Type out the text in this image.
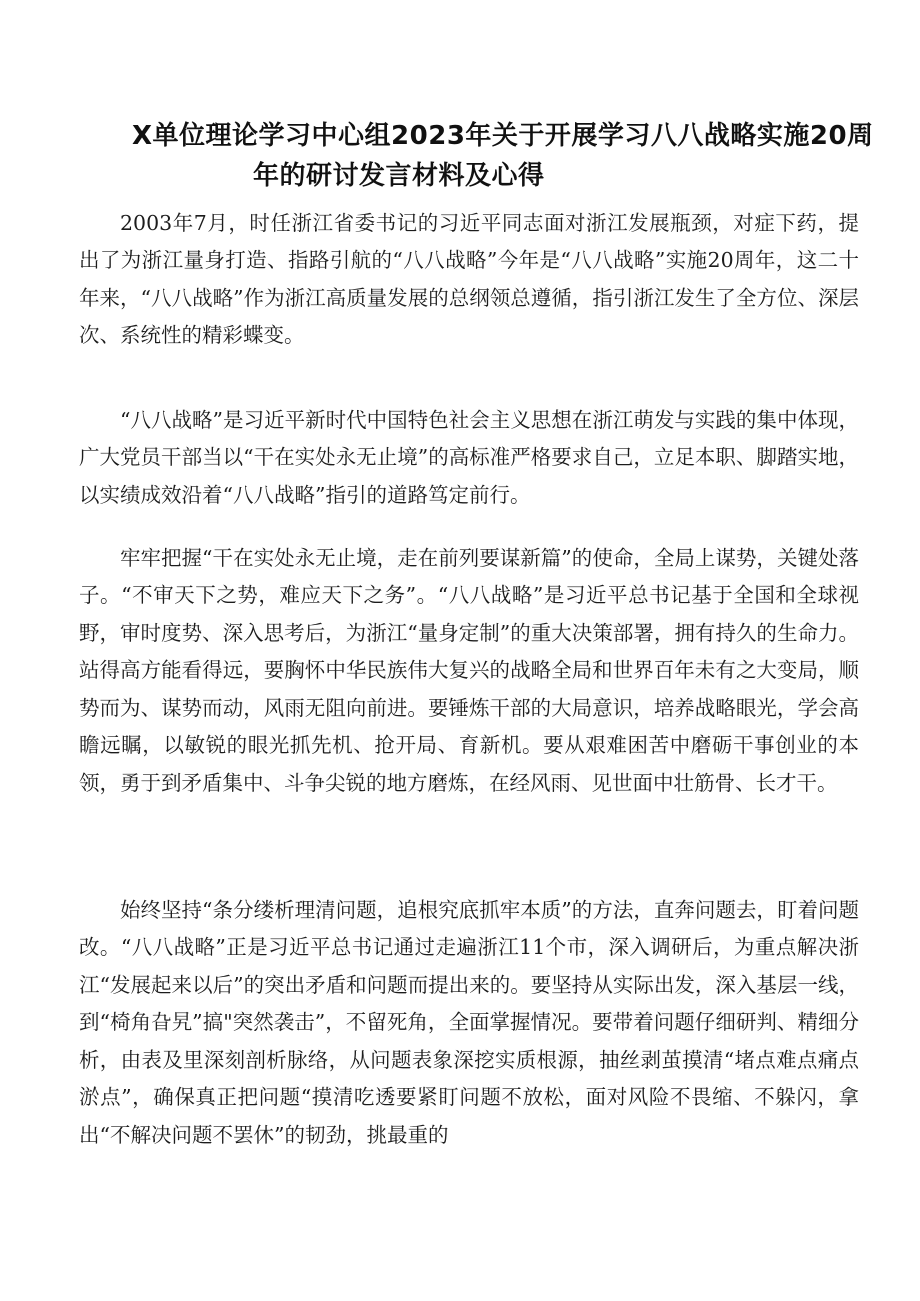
X单位理论学习中心组2023年关于开展学习八八战略实施20周
年的研讨发言材料及心得

2003年7月，时任浙江省委书记的习近平同志面对浙江发展瓶颈，对症下药，提出了为浙江量身打造、指路引航的“八八战略”今年是“八八战略”实施20周年，这二十年来，“八八战略”作为浙江高质量发展的总纲领总遵循，指引浙江发生了全方位、深层次、系统性的精彩蝶变。

“八八战略”是习近平新时代中国特色社会主义思想在浙江萌发与实践的集中体现，广大党员干部当以“干在实处永无止境”的高标准严格要求自己，立足本职、脚踏实地，以实绩成效沿着“八八战略”指引的道路笃定前行。

牢牢把握“干在实处永无止境，走在前列要谋新篇”的使命，全局上谋势，关键处落子。“不审天下之势，难应天下之务”。“八八战略”是习近平总书记基于全国和全球视野，审时度势、深入思考后，为浙江“量身定制”的重大决策部署，拥有持久的生命力。站得高方能看得远，要胸怀中华民族伟大复兴的战略全局和世界百年未有之大变局，顺势而为、谋势而动，风雨无阻向前进。要锤炼干部的大局意识，培养战略眼光，学会高瞻远瞩，以敏锐的眼光抓先机、抢开局、育新机。要从艰难困苦中磨砺干事创业的本领，勇于到矛盾集中、斗争尖锐的地方磨炼，在经风雨、见世面中壮筋骨、长才干。

始终坚持“条分缕析理清问题，追根究底抓牢本质”的方法，直奔问题去，盯着问题改。“八八战略”正是习近平总书记通过走遍浙江11个市，深入调研后，为重点解决浙江“发展起来以后”的突出矛盾和问题而提出来的。要坚持从实际出发，深入基层一线，到“椅角旮旯”搞"突然袭击”，不留死角，全面掌握情况。要带着问题仔细研判、精细分析，由表及里深刻剖析脉络，从问题表象深挖实质根源，抽丝剥茧摸清“堵点难点痛点淤点”，确保真正把问题“摸清吃透要紧盯问题不放松，面对风险不畏缩、不躲闪，拿出“不解决问题不罢休”的韧劲，挑最重的
